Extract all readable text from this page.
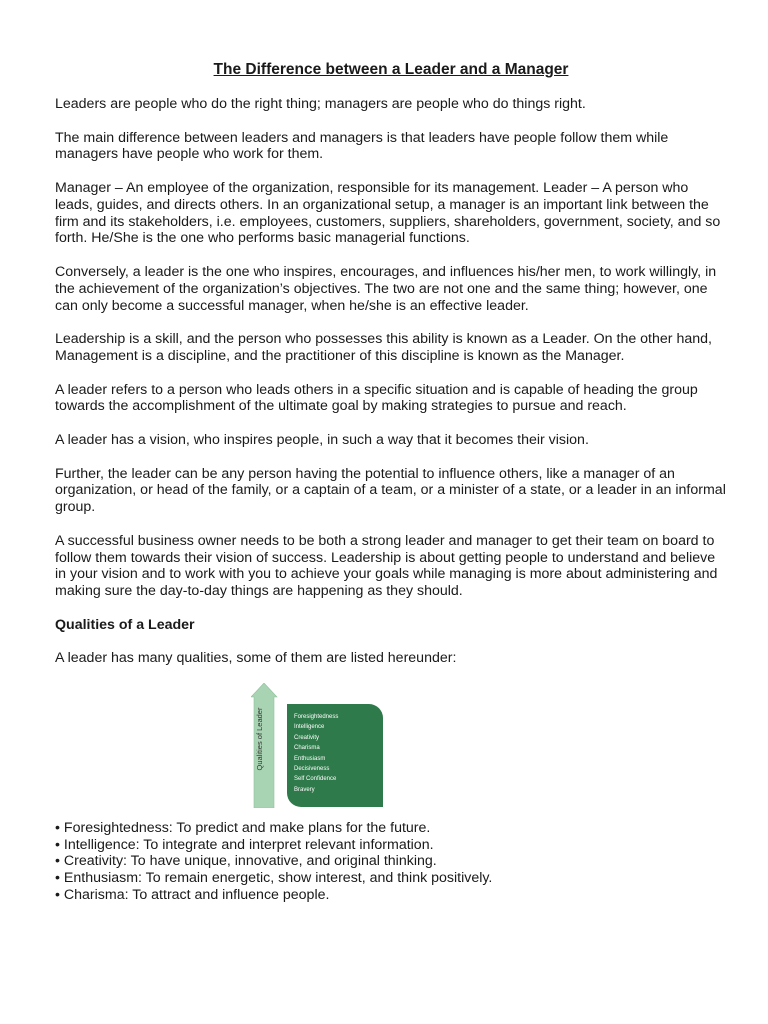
The Difference between a Leader and a Manager

Leaders are people who do the right thing; managers are people who do things right.

The main difference between leaders and managers is that leaders have people follow them while managers have people who work for them.

Manager – An employee of the organization, responsible for its management. Leader – A person who leads, guides, and directs others. In an organizational setup, a manager is an important link between the firm and its stakeholders, i.e. employees, customers, suppliers, shareholders, government, society, and so forth. He/She is the one who performs basic managerial functions.

Conversely, a leader is the one who inspires, encourages, and influences his/her men, to work willingly, in the achievement of the organization’s objectives. The two are not one and the same thing; however, one can only become a successful manager, when he/she is an effective leader.

Leadership is a skill, and the person who possesses this ability is known as a Leader. On the other hand, Management is a discipline, and the practitioner of this discipline is known as the Manager.

A leader refers to a person who leads others in a specific situation and is capable of heading the group towards the accomplishment of the ultimate goal by making strategies to pursue and reach.

A leader has a vision, who inspires people, in such a way that it becomes their vision.

Further, the leader can be any person having the potential to influence others, like a manager of an organization, or head of the family, or a captain of a team, or a minister of a state, or a leader in an informal group.

A successful business owner needs to be both a strong leader and manager to get their team on board to follow them towards their vision of success. Leadership is about getting people to understand and believe in your vision and to work with you to achieve your goals while managing is more about administering and making sure the day-to-day things are happening as they should.

Qualities of a Leader

A leader has many qualities, some of them are listed hereunder:

Qualities of Leader	Foresightedness
Intelligence
Creativity
Charisma
Enthusiasm
Decisiveness
Self Confidence
Bravery
• Foresightedness: To predict and make plans for the future.
• Intelligence: To integrate and interpret relevant information.
• Creativity: To have unique, innovative, and original thinking.
• Enthusiasm: To remain energetic, show interest, and think positively.
• Charisma: To attract and influence people.
